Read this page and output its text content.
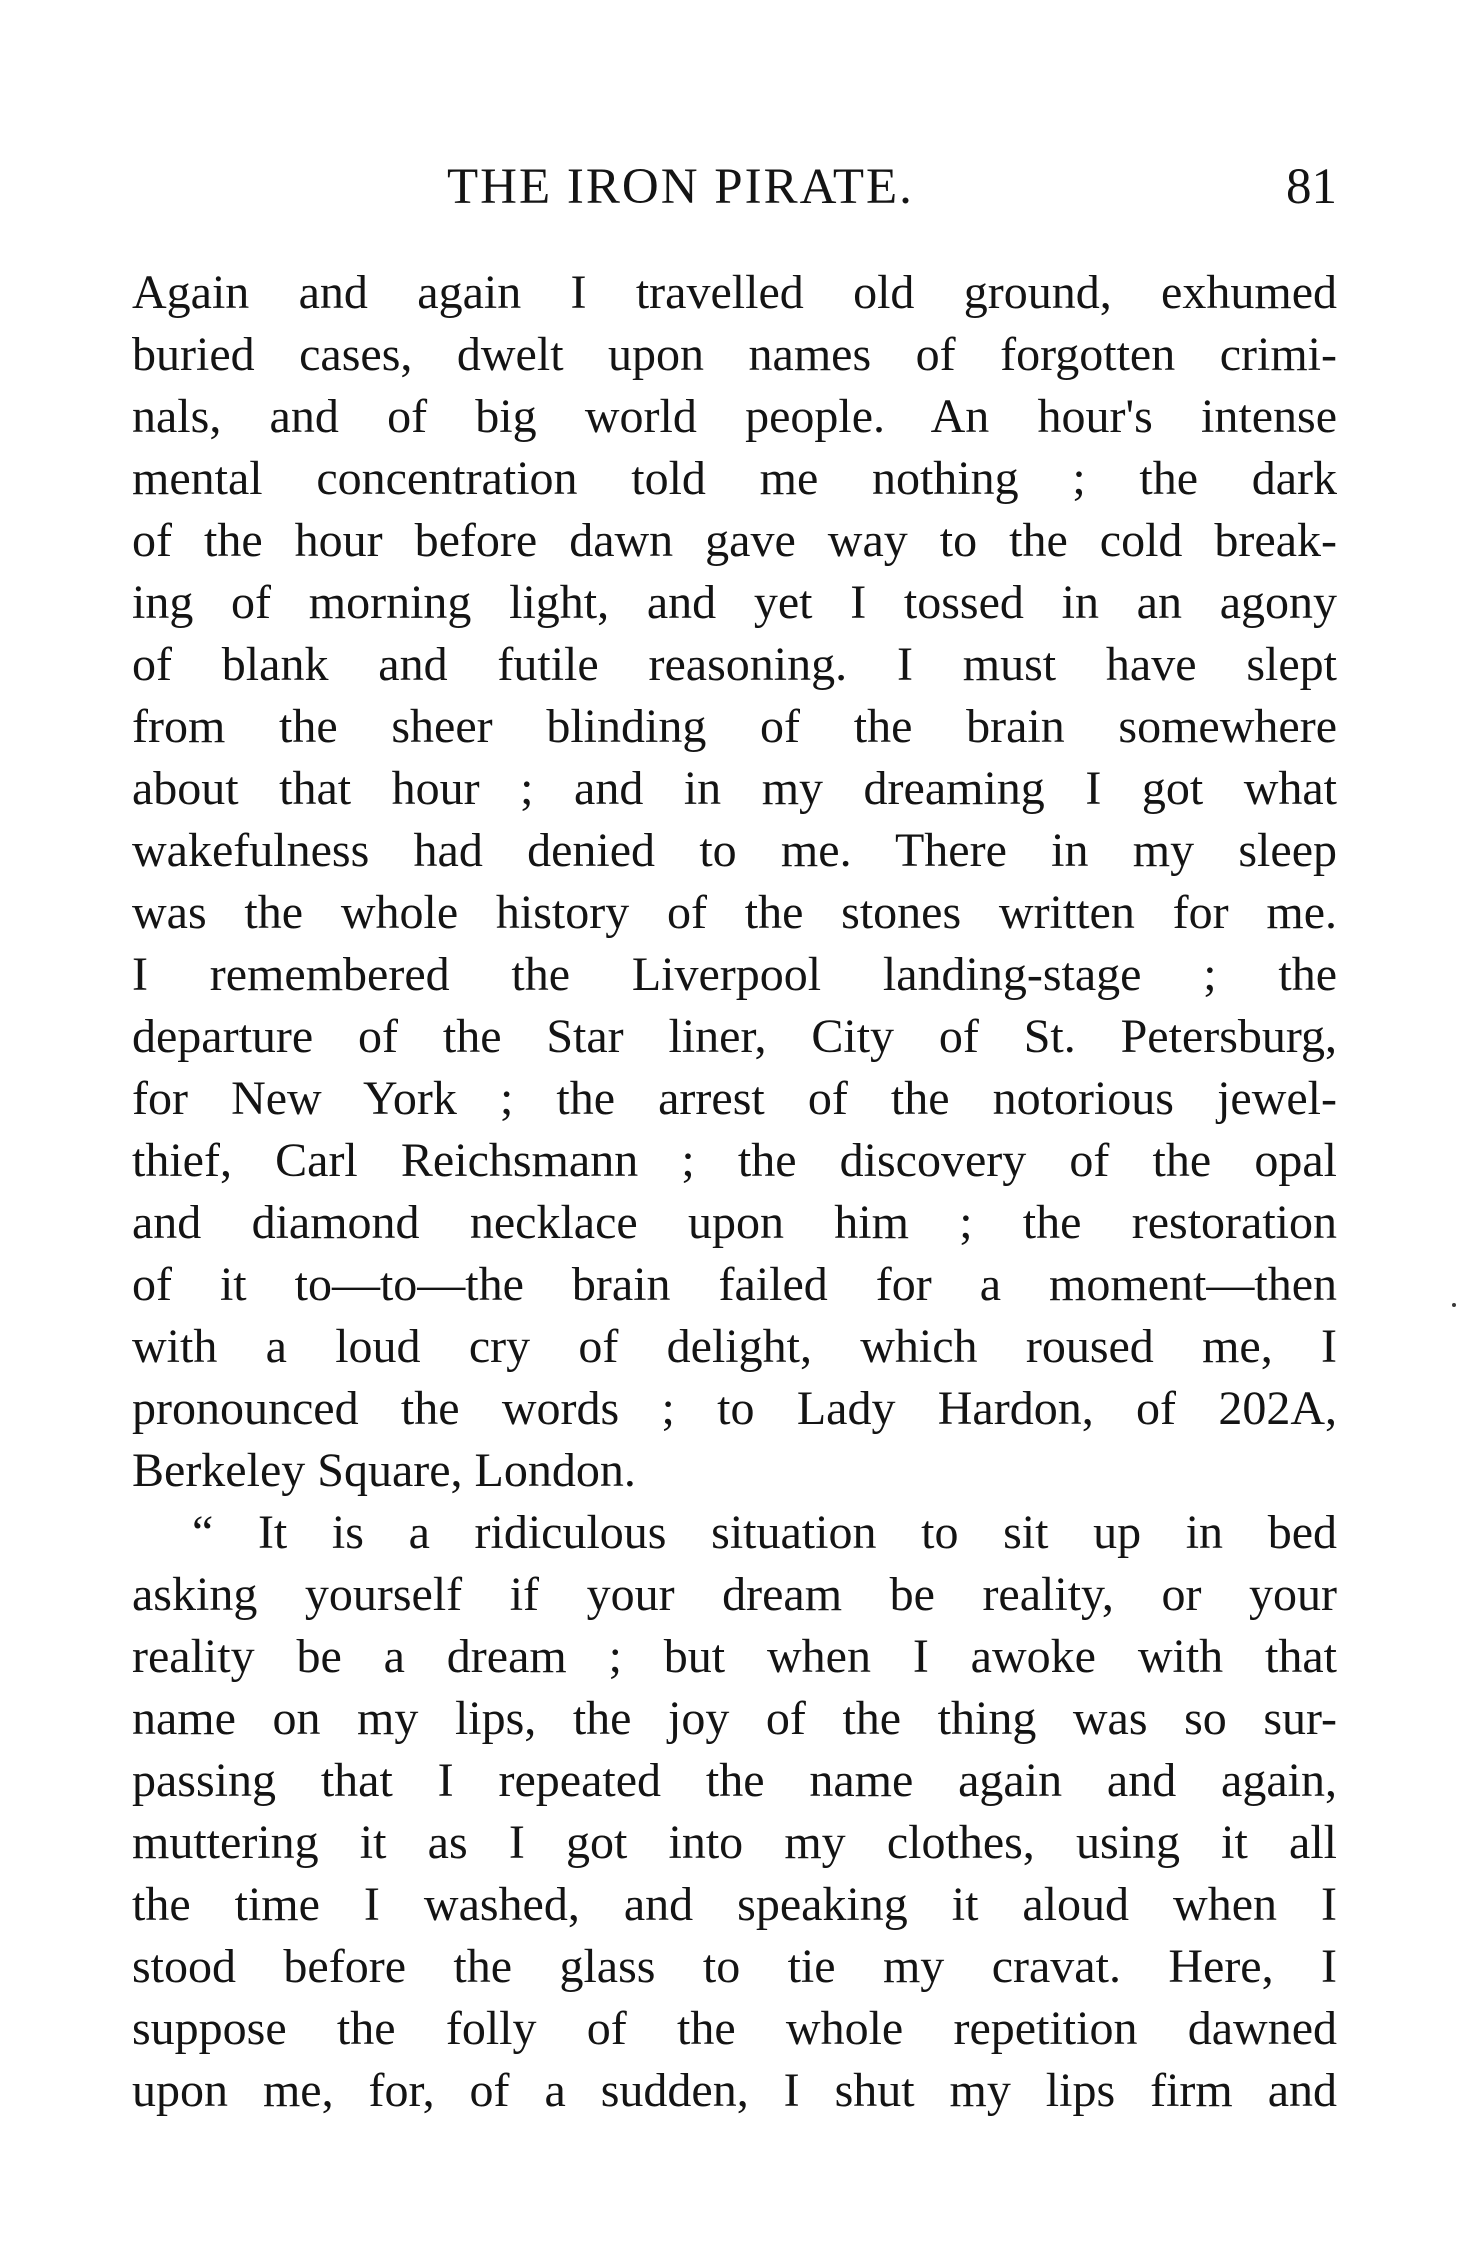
THE IRON PIRATE.	81
Again and again I travelled old ground, exhumed
buried cases, dwelt upon names of forgotten crimi-
nals, and of big world people. An hour's intense
mental concentration told me nothing ; the dark
of the hour before dawn gave way to the cold break-
ing of morning light, and yet I tossed in an agony
of blank and futile reasoning. I must have slept
from the sheer blinding of the brain somewhere
about that hour ; and in my dreaming I got what
wakefulness had denied to me. There in my sleep
was the whole history of the stones written for me.
I remembered the Liverpool landing-stage ; the
departure of the Star liner, City of St. Petersburg,
for New York ; the arrest of the notorious jewel-
thief, Carl Reichsmann ; the discovery of the opal
and diamond necklace upon him ; the restoration
of it to—to—the brain failed for a moment—then
with a loud cry of delight, which roused me, I
pronounced the words ; to Lady Hardon, of 202A,
Berkeley Square, London.
“ It is a ridiculous situation to sit up in bed
asking yourself if your dream be reality, or your
reality be a dream ; but when I awoke with that
name on my lips, the joy of the thing was so sur-
passing that I repeated the name again and again,
muttering it as I got into my clothes, using it all
the time I washed, and speaking it aloud when I
stood before the glass to tie my cravat. Here, I
suppose the folly of the whole repetition dawned
upon me, for, of a sudden, I shut my lips firm and
